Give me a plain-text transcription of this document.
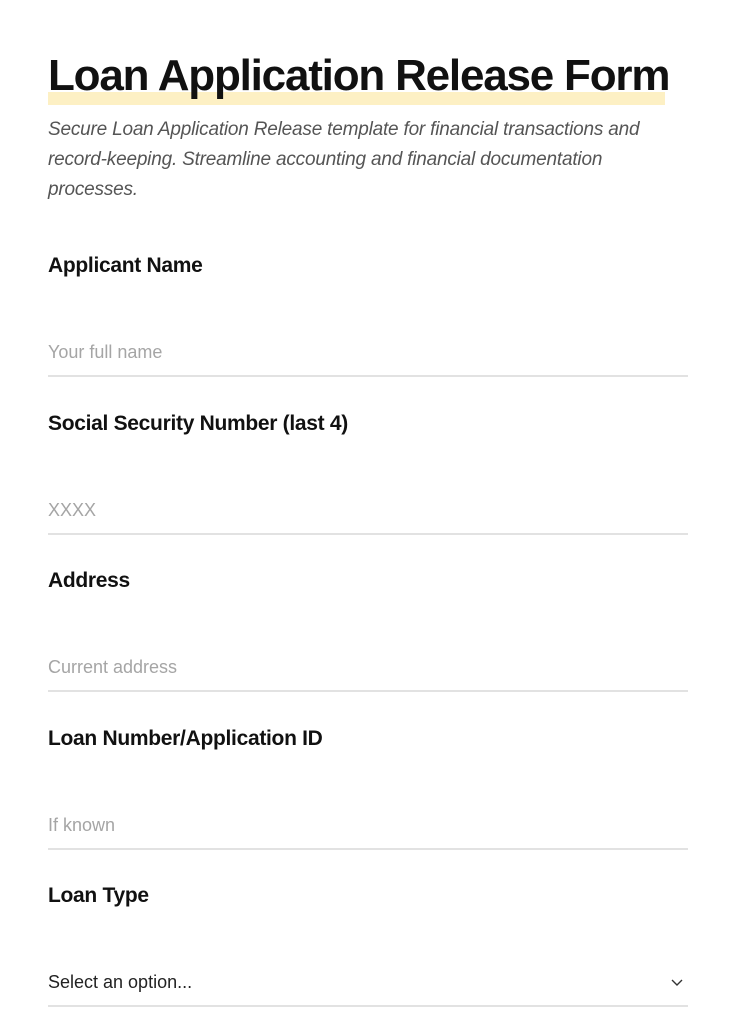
Loan Application Release Form

Secure Loan Application Release template for financial transactions and record-keeping. Streamline accounting and financial documentation processes.

Applicant Name
Your full name
Social Security Number (last 4)
XXXX
Address
Current address
Loan Number/Application ID
If known
Loan Type
Select an option...
